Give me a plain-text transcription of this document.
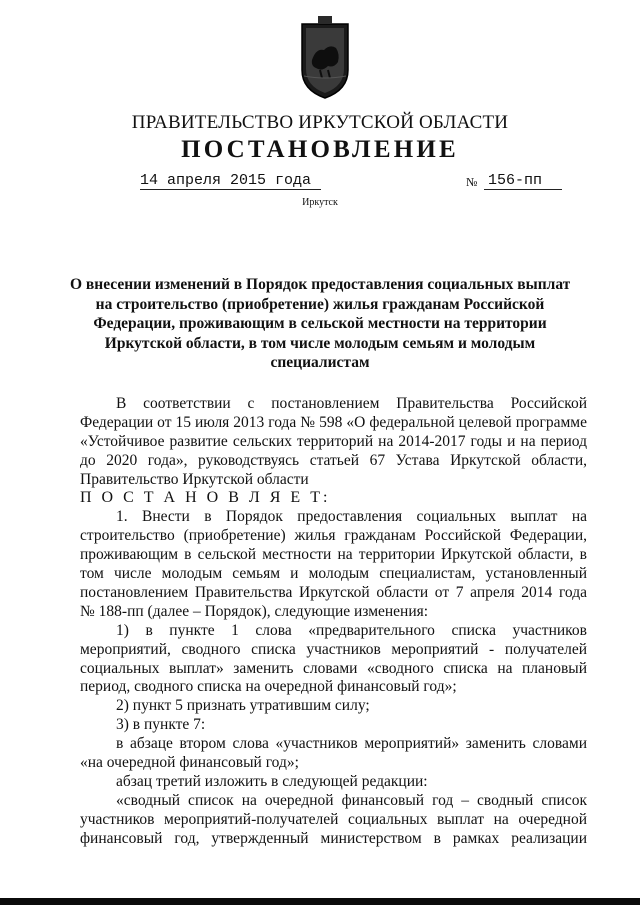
ПРАВИТЕЛЬСТВО ИРКУТСКОЙ ОБЛАСТИ
ПОСТАНОВЛЕНИЕ
14 апреля 2015 года	№ 156-пп
Иркутск
О внесении изменений в Порядок предоставления социальных выплат
на строительство (приобретение) жилья гражданам Российской
Федерации, проживающим в сельской местности на территории
Иркутской области, в том числе молодым семьям и молодым
специалистам
В соответствии с постановлением Правительства Российской
Федерации от 15 июля 2013 года № 598 «О федеральной целевой программе
«Устойчивое развитие сельских территорий на 2014-2017 годы и на период
до 2020 года», руководствуясь статьей 67 Устава Иркутской области,
Правительство Иркутской области
П О С Т А Н О В Л Я Е Т:
1. Внести в Порядок предоставления социальных выплат на
строительство (приобретение) жилья гражданам Российской Федерации,
проживающим в сельской местности на территории Иркутской области, в
том числе молодым семьям и молодым специалистам, установленный
постановлением Правительства Иркутской области от 7 апреля 2014 года
№ 188-пп (далее – Порядок), следующие изменения:
1) в пункте 1 слова «предварительного списка участников
мероприятий, сводного списка участников мероприятий - получателей
социальных выплат» заменить словами «сводного списка на плановый
период, сводного списка на очередной финансовый год»;
2) пункт 5 признать утратившим силу;
3) в пункте 7:
в абзаце втором слова «участников мероприятий» заменить словами
«на очередной финансовый год»;
абзац третий изложить в следующей редакции:
«сводный список на очередной финансовый год – сводный список
участников мероприятий-получателей социальных выплат на очередной
финансовый год, утвержденный министерством в рамках реализации
